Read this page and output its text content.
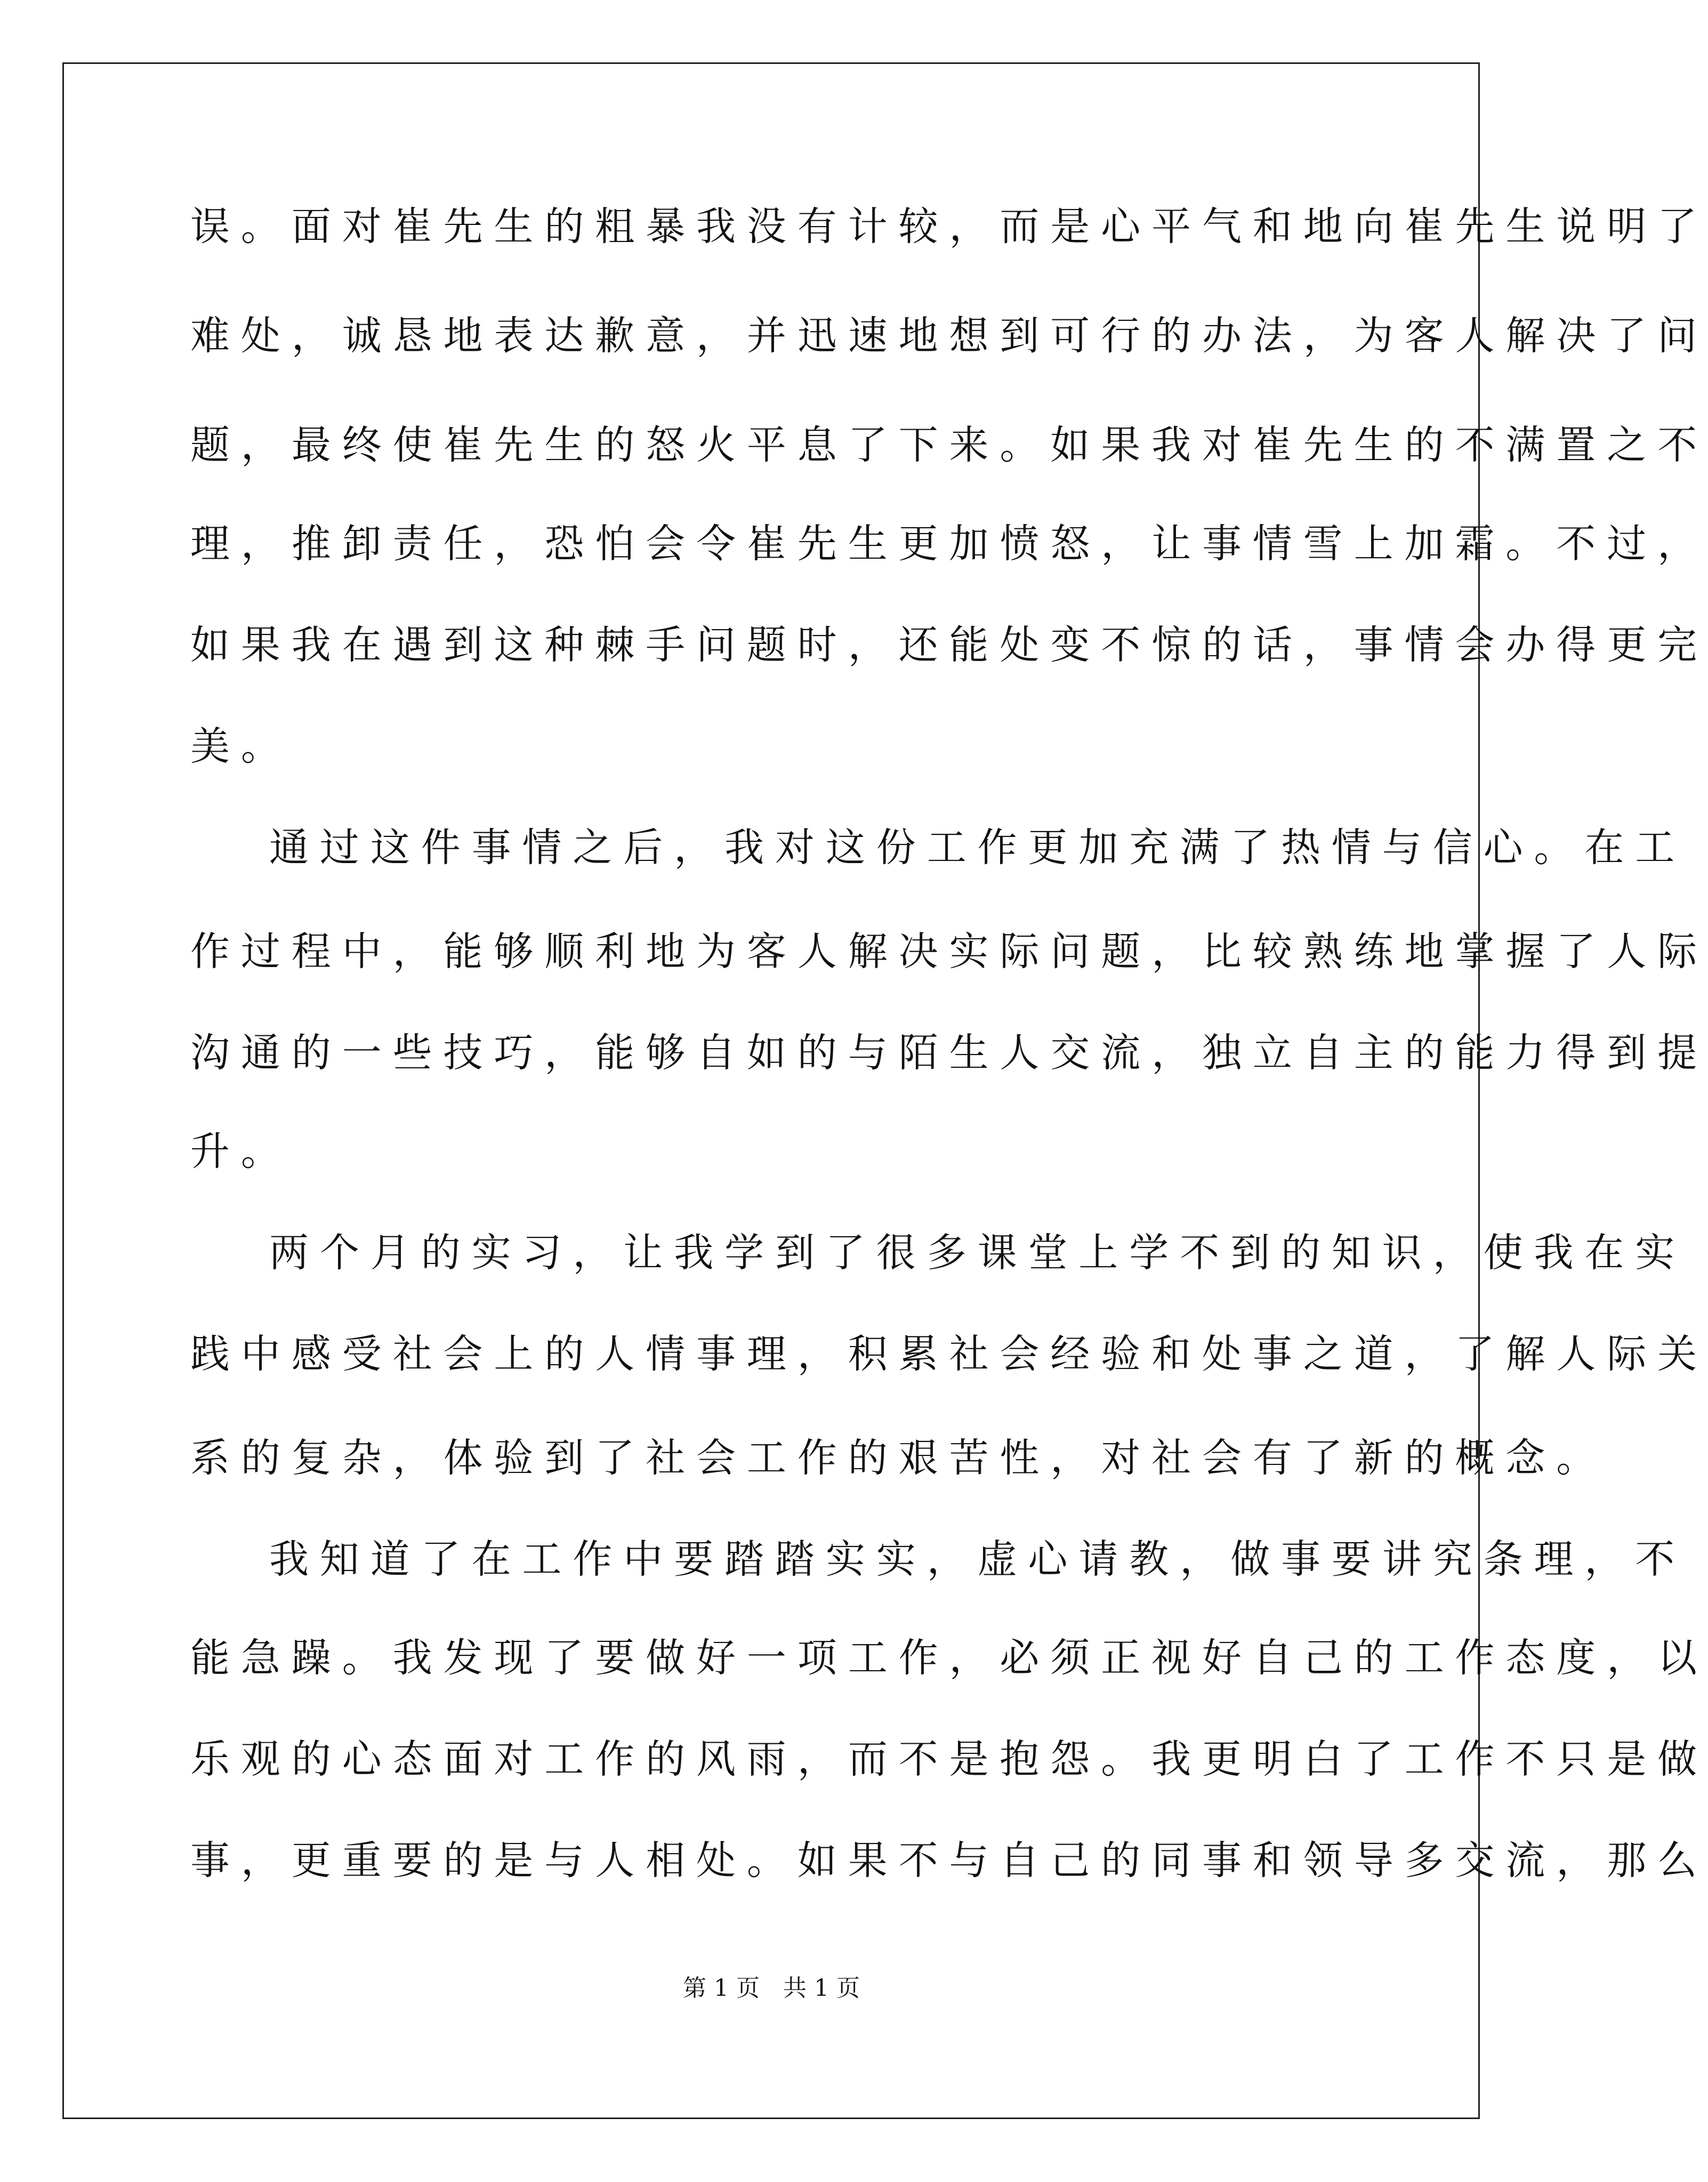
误。面对崔先生的粗暴我没有计较，而是心平气和地向崔先生说明了
难处，诚恳地表达歉意，并迅速地想到可行的办法，为客人解决了问
题，最终使崔先生的怒火平息了下来。如果我对崔先生的不满置之不
理，推卸责任，恐怕会令崔先生更加愤怒，让事情雪上加霜。不过，
如果我在遇到这种棘手问题时，还能处变不惊的话，事情会办得更完
美。
通过这件事情之后，我对这份工作更加充满了热情与信心。在工
作过程中，能够顺利地为客人解决实际问题，比较熟练地掌握了人际
沟通的一些技巧，能够自如的与陌生人交流，独立自主的能力得到提
升。
两个月的实习，让我学到了很多课堂上学不到的知识，使我在实
践中感受社会上的人情事理，积累社会经验和处事之道，了解人际关
系的复杂，体验到了社会工作的艰苦性，对社会有了新的概念。
我知道了在工作中要踏踏实实，虚心请教，做事要讲究条理，不
能急躁。我发现了要做好一项工作，必须正视好自己的工作态度，以
乐观的心态面对工作的风雨，而不是抱怨。我更明白了工作不只是做
事，更重要的是与人相处。如果不与自己的同事和领导多交流，那么
第 1 页　共 1 页
